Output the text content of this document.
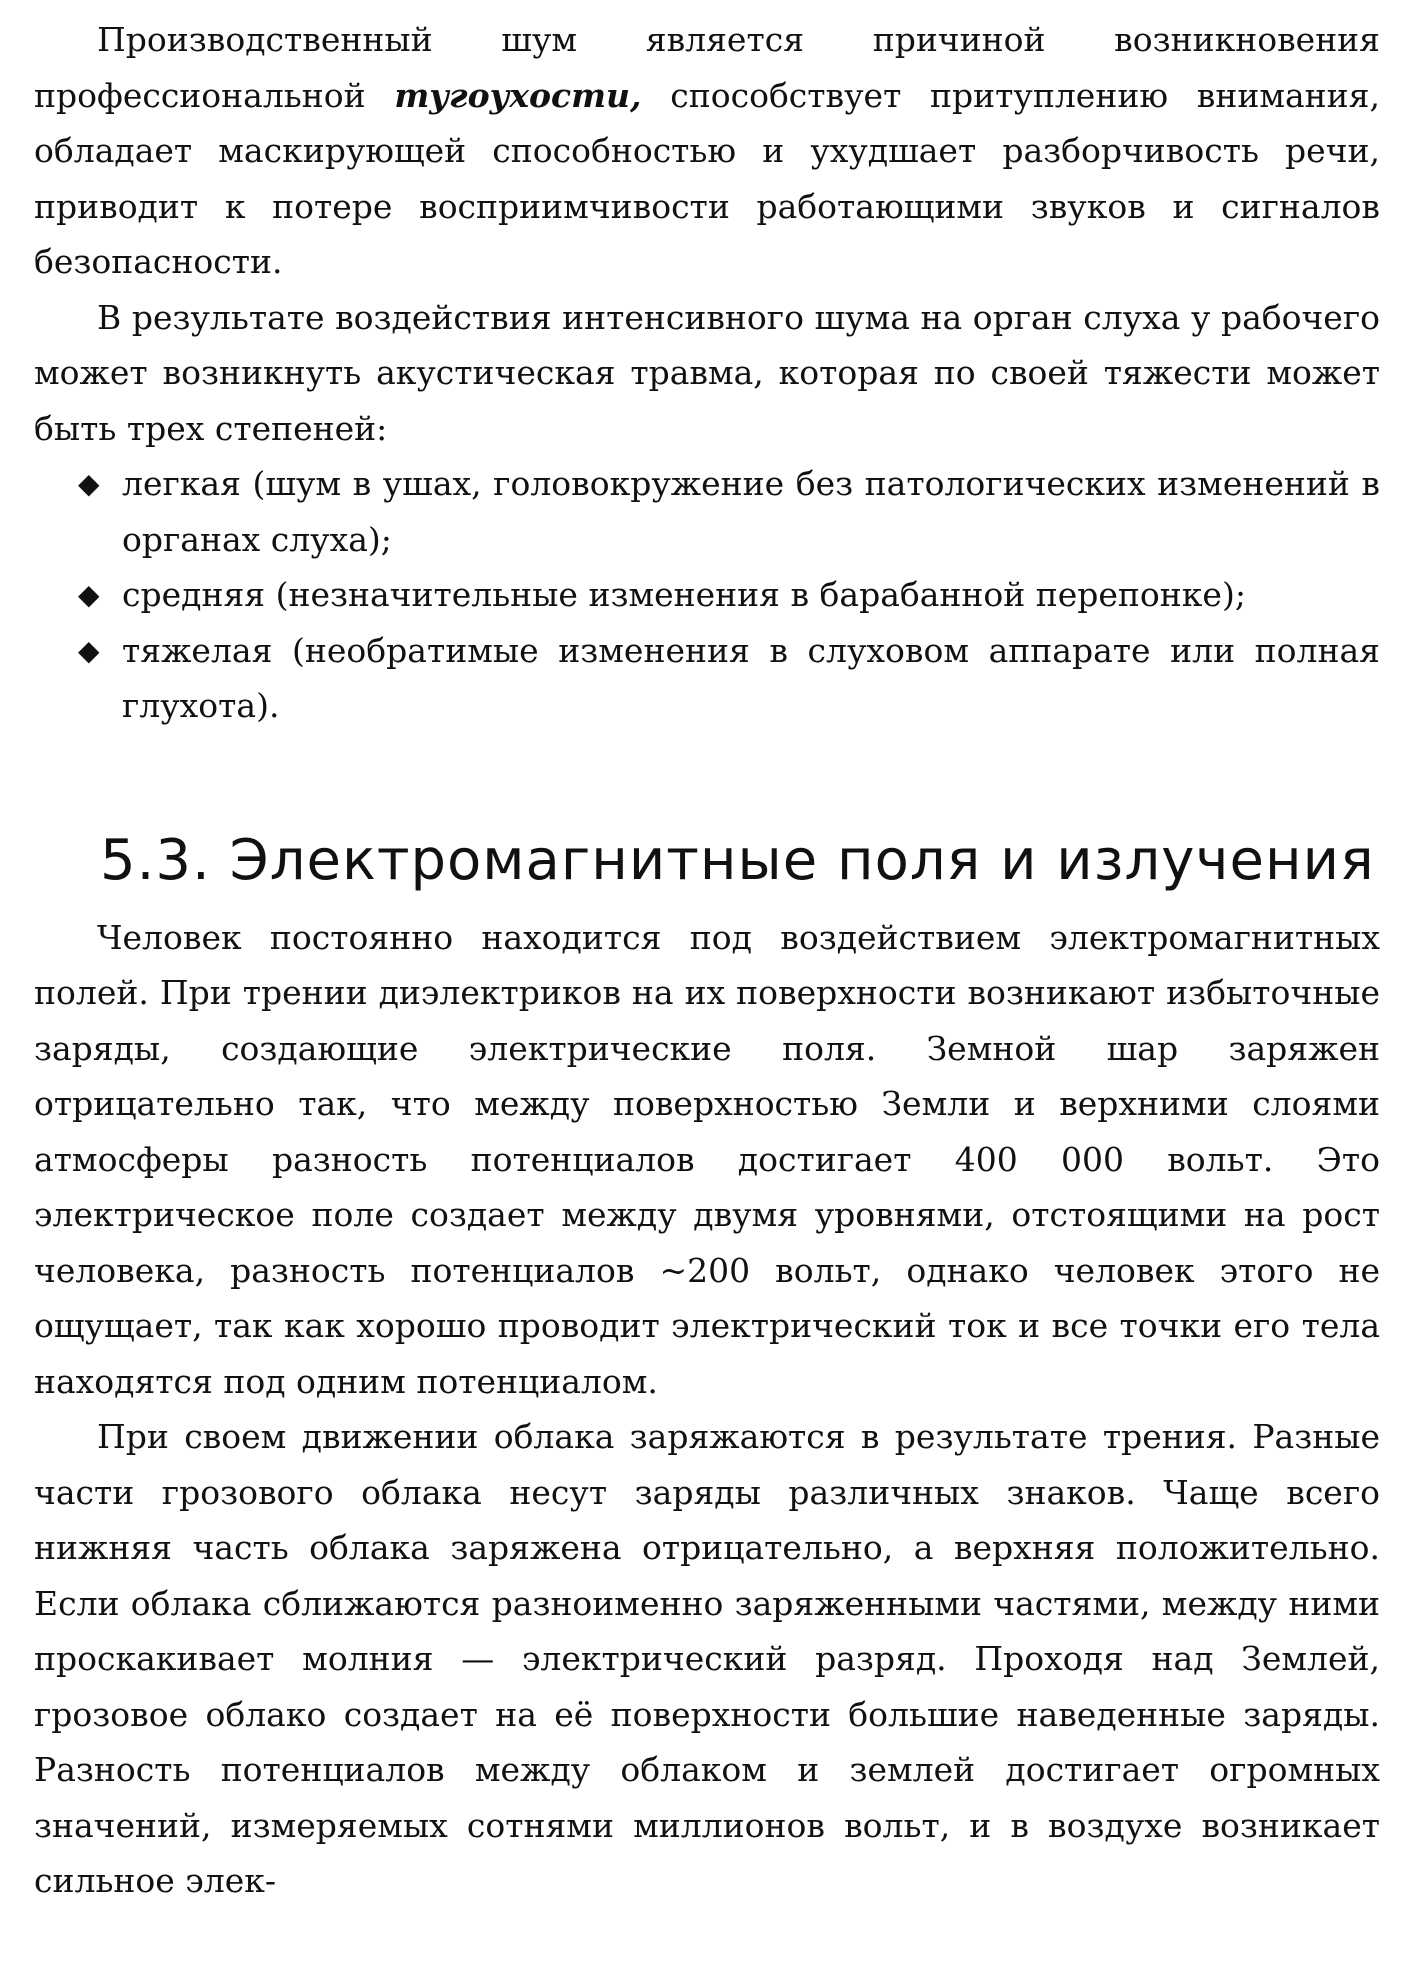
Производственный шум является причиной возникновения профессиональной тугоухости, способствует притуплению внимания, обладает маскирующей способностью и ухудшает разборчивость речи, приводит к потере восприимчивости работающими звуков и сигналов безопасности.

В результате воздействия интенсивного шума на орган слуха у рабочего может возникнуть акустическая травма, которая по своей тяжести может быть трех степеней:

◆ легкая (шум в ушах, головокружение без патологических изменений в органах слуха);
◆ средняя (незначительные изменения в барабанной перепонке);
◆ тяжелая (необратимые изменения в слуховом аппарате или полная глухота).
5.3. Электромагнитные поля и излучения

Человек постоянно находится под воздействием электромагнитных полей. При трении диэлектриков на их поверхности возникают избыточные заряды, создающие электрические поля. Земной шар заряжен отрицательно так, что между поверхностью Земли и верхними слоями атмосферы разность потенциалов достигает 400 000 вольт. Это электрическое поле создает между двумя уровнями, отстоящими на рост человека, разность потенциалов ~200 вольт, однако человек этого не ощущает, так как хорошо проводит электрический ток и все точки его тела находятся под одним потенциалом.

При своем движении облака заряжаются в результате трения. Разные части грозового облака несут заряды различных знаков. Чаще всего нижняя часть облака заряжена отрицательно, а верхняя положительно. Если облака сближаются разноименно заряженными частями, между ними проскакивает молния — электрический разряд. Проходя над Землей, грозовое облако создает на её поверхности большие наведенные заряды. Разность потенциалов между облаком и землей достигает огромных значений, измеряемых сотнями миллионов вольт, и в воздухе возникает сильное элек-
